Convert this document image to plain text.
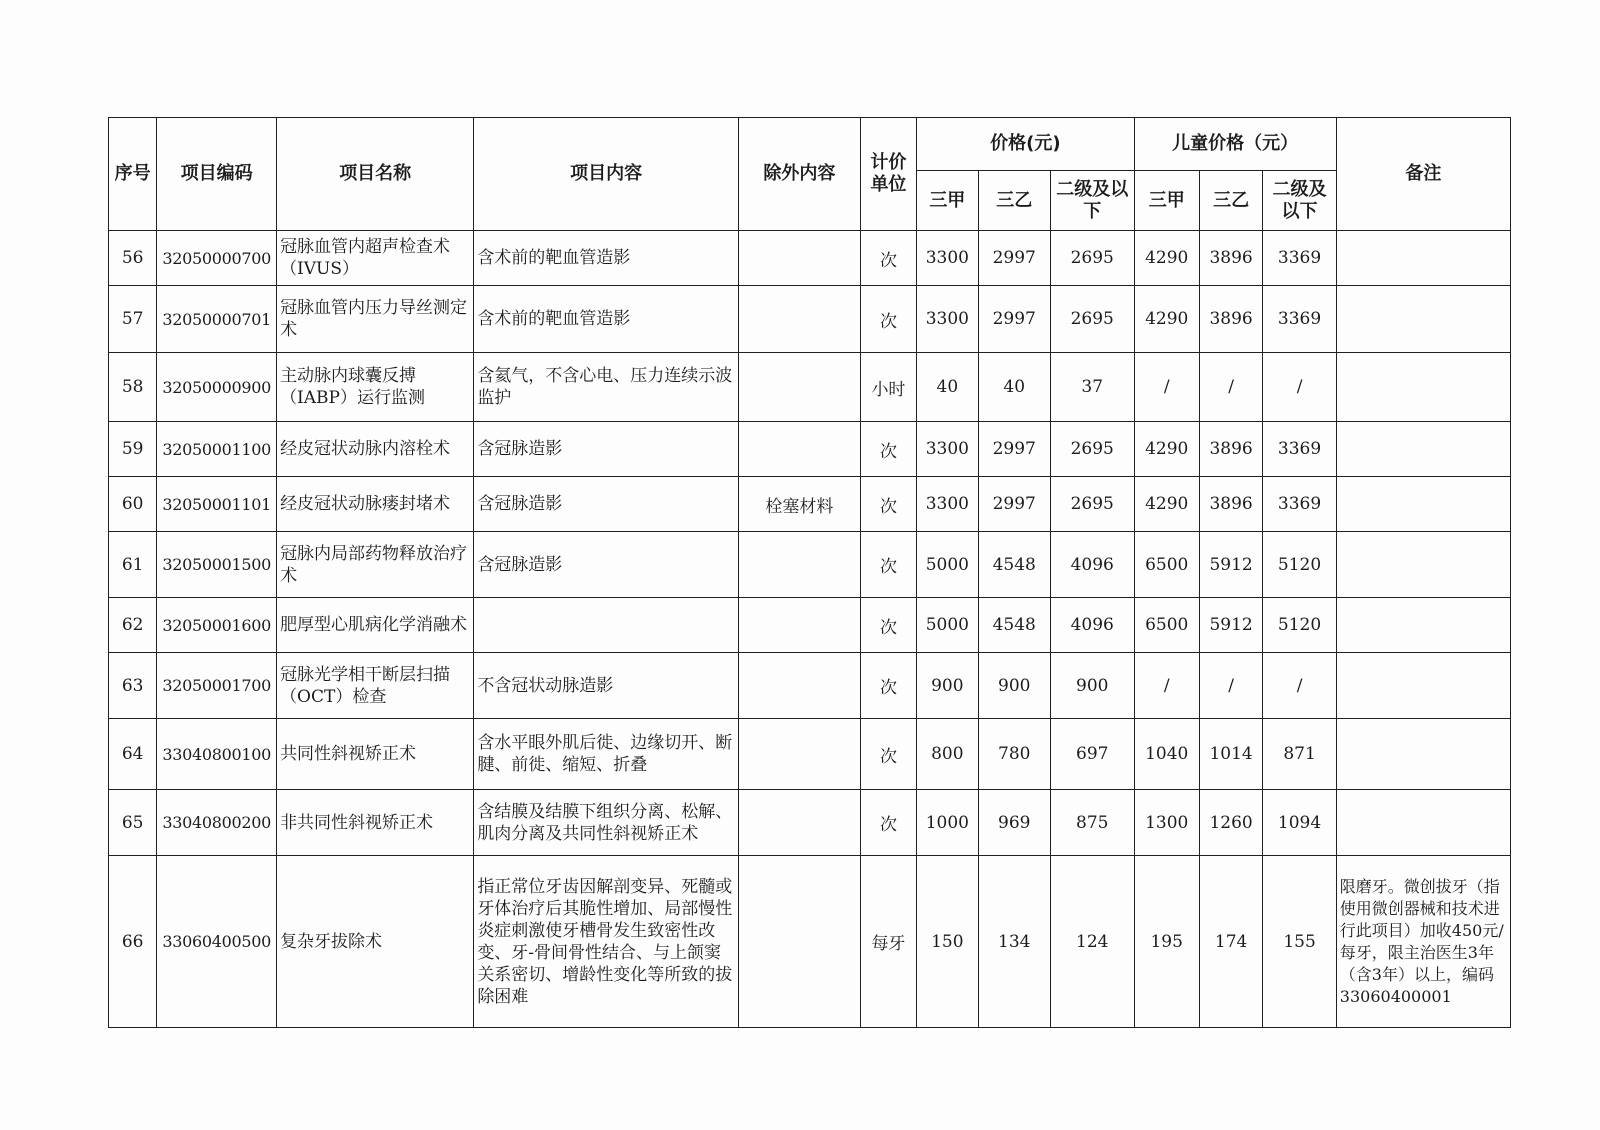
序号	项目编码	项目名称	项目内容	除外内容	计价单位	价格(元)			儿童价格（元）			备注
						三甲	三乙	二级及以下	三甲	三乙	二级及以下	
56	32050000700	冠脉血管内超声检查术（IVUS）	含术前的靶血管造影		次	3300	2997	2695	4290	3896	3369	
57	32050000701	冠脉血管内压力导丝测定术	含术前的靶血管造影		次	3300	2997	2695	4290	3896	3369	
58	32050000900	主动脉内球囊反搏（IABP）运行监测	含氦气，不含心电、压力连续示波监护		小时	40	40	37	/	/	/	
59	32050001100	经皮冠状动脉内溶栓术	含冠脉造影		次	3300	2997	2695	4290	3896	3369	
60	32050001101	经皮冠状动脉瘘封堵术	含冠脉造影	栓塞材料	次	3300	2997	2695	4290	3896	3369	
61	32050001500	冠脉内局部药物释放治疗术	含冠脉造影		次	5000	4548	4096	6500	5912	5120	
62	32050001600	肥厚型心肌病化学消融术			次	5000	4548	4096	6500	5912	5120	
63	32050001700	冠脉光学相干断层扫描（OCT）检查	不含冠状动脉造影		次	900	900	900	/	/	/	
64	33040800100	共同性斜视矫正术	含水平眼外肌后徙、边缘切开、断腱、前徙、缩短、折叠		次	800	780	697	1040	1014	871	
65	33040800200	非共同性斜视矫正术	含结膜及结膜下组织分离、松解、肌肉分离及共同性斜视矫正术		次	1000	969	875	1300	1260	1094	
66	33060400500	复杂牙拔除术	指正常位牙齿因解剖变异、死髓或牙体治疗后其脆性增加、局部慢性炎症刺激使牙槽骨发生致密性改变、牙-骨间骨性结合、与上颌窦关系密切、增龄性变化等所致的拔除困难		每牙	150	134	124	195	174	155	限磨牙。微创拔牙（指使用微创器械和技术进行此项目）加收450元/每牙，限主治医生3年（含3年）以上，编码33060400001
